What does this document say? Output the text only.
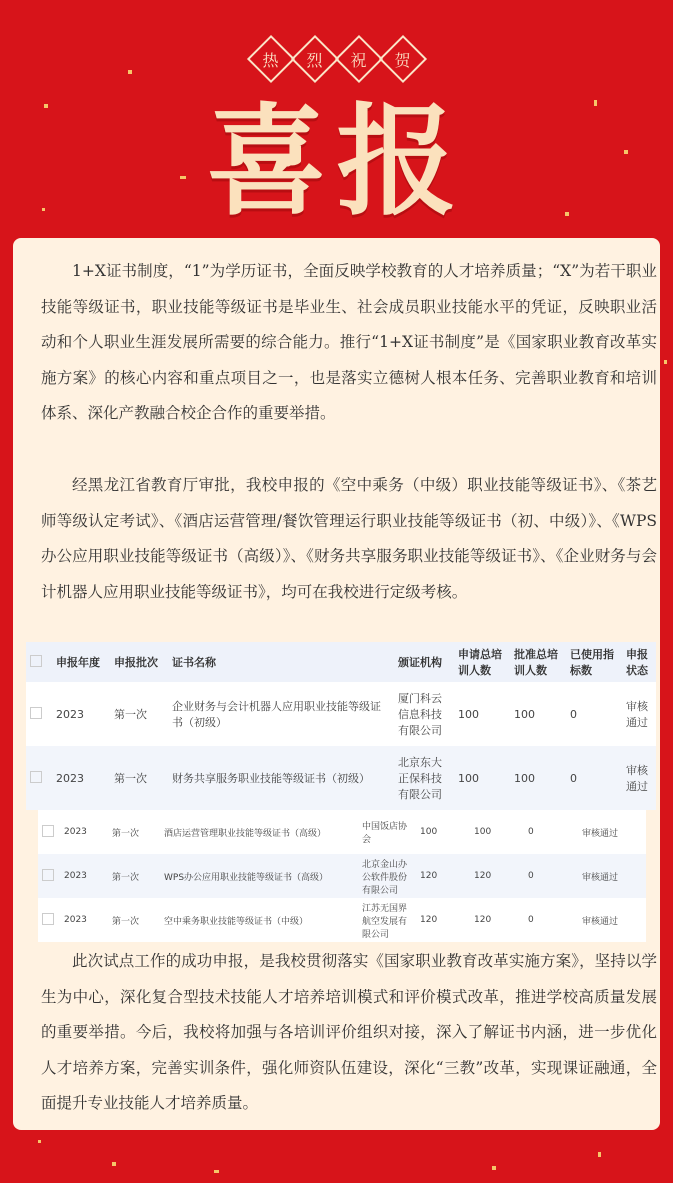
热 烈 祝 贺
喜报
1+X证书制度，“1”为学历证书，全面反映学校教育的人才培养质量；“X”为若干职业技能等级证书，职业技能等级证书是毕业生、社会成员职业技能水平的凭证，反映职业活动和个人职业生涯发展所需要的综合能力。推行“1+X证书制度”是《国家职业教育改革实施方案》的核心内容和重点项目之一，也是落实立德树人根本任务、完善职业教育和培训体系、深化产教融合校企合作的重要举措。
经黑龙江省教育厅审批，我校申报的《空中乘务（中级）职业技能等级证书》、《茶艺师等级认定考试》、《酒店运营管理/餐饮管理运行职业技能等级证书（初、中级）》、《WPS办公应用职业技能等级证书（高级）》、《财务共享服务职业技能等级证书》、《企业财务与会计机器人应用职业技能等级证书》，均可在我校进行定级考核。
	申报年度	申报批次	证书名称	颁证机构	申请总培训人数	批准总培训人数	已使用指标数	申报状态
	2023	第一次	企业财务与会计机器人应用职业技能等级证书（初级）	厦门科云信息科技有限公司	100	100	0	审核通过
	2023	第一次	财务共享服务职业技能等级证书（初级）	北京东大正保科技有限公司	100	100	0	审核通过
	2023	第一次	酒店运营管理职业技能等级证书（高级）	中国饭店协会	100	100	0	审核通过
	2023	第一次	WPS办公应用职业技能等级证书（高级）	北京金山办公软件股份有限公司	120	120	0	审核通过
	2023	第一次	空中乘务职业技能等级证书（中级）	江苏无国界航空发展有限公司	120	120	0	审核通过
此次试点工作的成功申报，是我校贯彻落实《国家职业教育改革实施方案》，坚持以学生为中心，深化复合型技术技能人才培养培训模式和评价模式改革，推进学校高质量发展的重要举措。今后，我校将加强与各培训评价组织对接，深入了解证书内涵，进一步优化人才培养方案，完善实训条件，强化师资队伍建设，深化“三教”改革，实现课证融通，全面提升专业技能人才培养质量。
